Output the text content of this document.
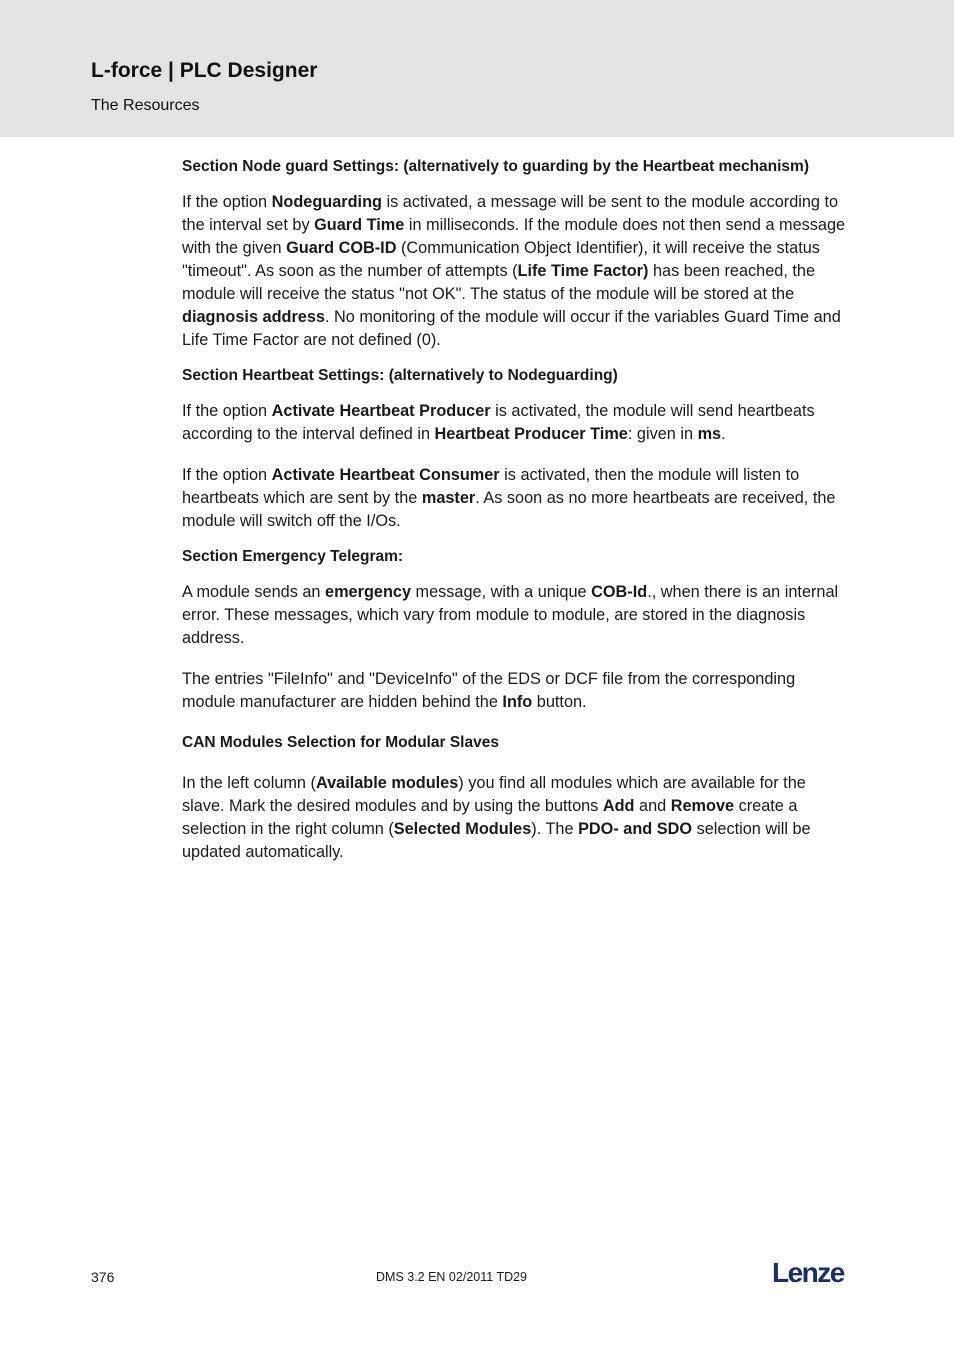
L-force | PLC Designer
The Resources
Section Node guard Settings: (alternatively to guarding by the Heartbeat mechanism)

If the option Nodeguarding is activated, a message will be sent to the module according to the interval set by Guard Time in milliseconds. If the module does not then send a message with the given Guard COB-ID (Communication Object Identifier), it will receive the status "timeout". As soon as the number of attempts (Life Time Factor) has been reached, the module will receive the status "not OK". The status of the module will be stored at the diagnosis address. No monitoring of the module will occur if the variables Guard Time and Life Time Factor are not defined (0).

Section Heartbeat Settings: (alternatively to Nodeguarding)

If the option Activate Heartbeat Producer is activated, the module will send heartbeats according to the interval defined in Heartbeat Producer Time: given in ms.

If the option Activate Heartbeat Consumer is activated, then the module will listen to heartbeats which are sent by the master. As soon as no more heartbeats are received, the module will switch off the I/Os.

Section Emergency Telegram:

A module sends an emergency message, with a unique COB-Id., when there is an internal error. These messages, which vary from module to module, are stored in the diagnosis address.

The entries "FileInfo" and "DeviceInfo" of the EDS or DCF file from the corresponding module manufacturer are hidden behind the Info button.

CAN Modules Selection for Modular Slaves

In the left column (Available modules) you find all modules which are available for the slave. Mark the desired modules and by using the buttons Add and Remove create a selection in the right column (Selected Modules). The PDO- and SDO selection will be updated automatically.

376	DMS 3.2 EN 02/2011 TD29	Lenze
